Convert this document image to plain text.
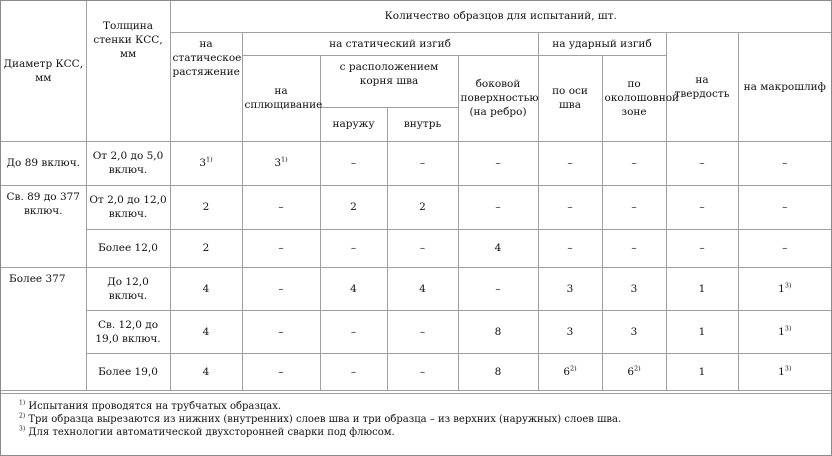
Диаметр КСС, мм	Толщина стенки КСС, мм	Количество образцов для испытаний, шт.								
		на статическое растяжение	на статический изгиб				на ударный изгиб		на твердость	на макрошлиф
			на сплющивание	с расположением корня шва		боковой поверхностью (на ребро)	по оси шва	по околошовной зоне		
				наружу	внутрь					
До 89 включ.	От 2,0 до 5,0 включ.	3$^{1)}$	3$^{1)}$	–	–	–	–	–	–	–
Св. 89 до 377 включ.	От 2,0 до 12,0 включ.	2	–	2	2	–	–	–	–	–
	Более 12,0	2	–	–	–	4	–	–	–	–
Более 377	До 12,0 включ.	4	–	4	4	–	3	3	1	1$^{3)}$
	Св. 12,0 до 19,0 включ.	4	–	–	–	8	3	3	1	1$^{3)}$
	Более 19,0	4	–	–	–	8	6$^{2)}$	6$^{2)}$	1	1$^{3)}$
$^{1)}$ Испытания проводятся на трубчатых образцах.
$^{2)}$ Три образца вырезаются из нижних (внутренних) слоев шва и три образца – из верхних (наружных) слоев шва.
$^{3)}$ Для технологии автоматической двухсторонней сварки под флюсом.
